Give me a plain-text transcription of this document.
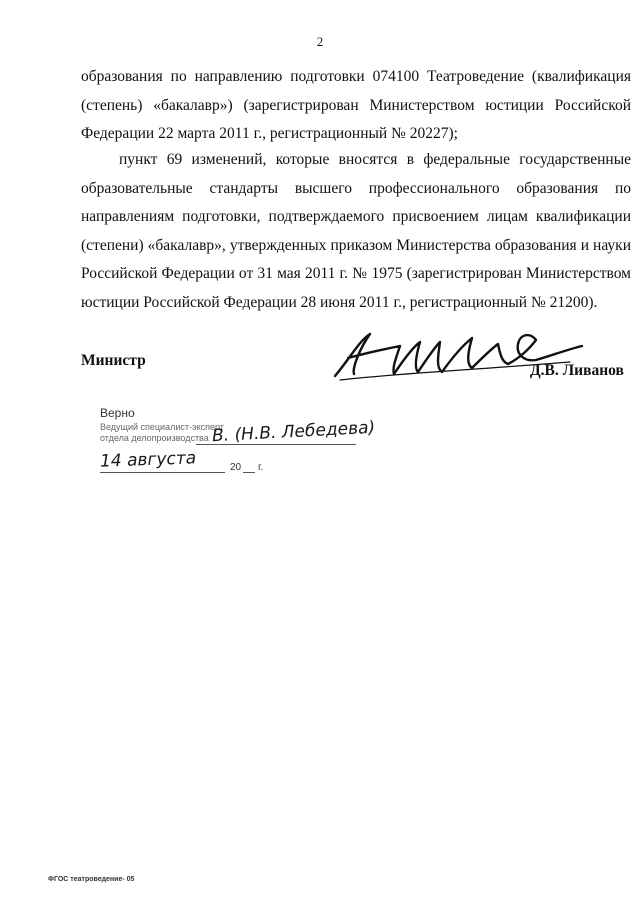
2

образования по направлению подготовки 074100 Театроведение (квалификация (степень) «бакалавр») (зарегистрирован Министерством юстиции Российской Федерации 22 марта 2011 г., регистрационный № 20227);

пункт 69 изменений, которые вносятся в федеральные государственные образовательные стандарты высшего профессионального образования по направлениям подготовки, подтверждаемого присвоением лицам квалификации (степени) «бакалавр», утвержденных приказом Министерства образования и науки Российской Федерации от 31 мая 2011 г. № 1975 (зарегистрирован Министерством юстиции Российской Федерации 28 июня 2011 г., регистрационный № 21200).

Министр
Д.В. Ливанов
Верно
Ведущий специалист-эксперт
отдела делопроизводства В. (Н.В. Лебедева)
14 августа	20 г.
ФГОС театроведение- 05
